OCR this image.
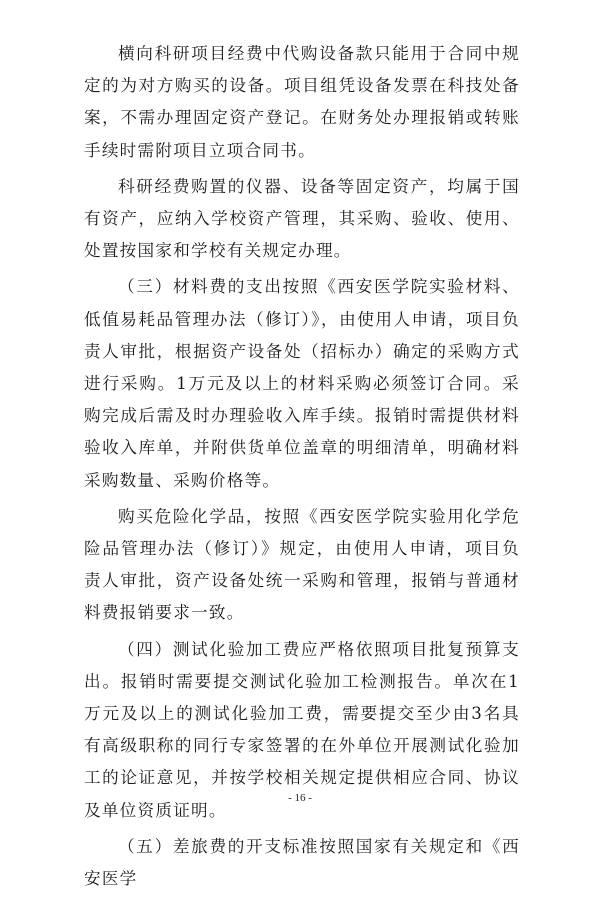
横向科研项目经费中代购设备款只能用于合同中规定的为对方购买的设备。项目组凭设备发票在科技处备案，不需办理固定资产登记。在财务处办理报销或转账手续时需附项目立项合同书。

科研经费购置的仪器、设备等固定资产，均属于国有资产，应纳入学校资产管理，其采购、验收、使用、处置按国家和学校有关规定办理。

（三）材料费的支出按照《西安医学院实验材料、低值易耗品管理办法（修订）》，由使用人申请，项目负责人审批，根据资产设备处（招标办）确定的采购方式进行采购。1万元及以上的材料采购必须签订合同。采购完成后需及时办理验收入库手续。报销时需提供材料验收入库单，并附供货单位盖章的明细清单，明确材料采购数量、采购价格等。

购买危险化学品，按照《西安医学院实验用化学危险品管理办法（修订）》规定，由使用人申请，项目负责人审批，资产设备处统一采购和管理，报销与普通材料费报销要求一致。

（四）测试化验加工费应严格依照项目批复预算支出。报销时需要提交测试化验加工检测报告。单次在1万元及以上的测试化验加工费，需要提交至少由3名具有高级职称的同行专家签署的在外单位开展测试化验加工的论证意见，并按学校相关规定提供相应合同、协议及单位资质证明。

（五）差旅费的开支标准按照国家有关规定和《西安医学

- 16 -
